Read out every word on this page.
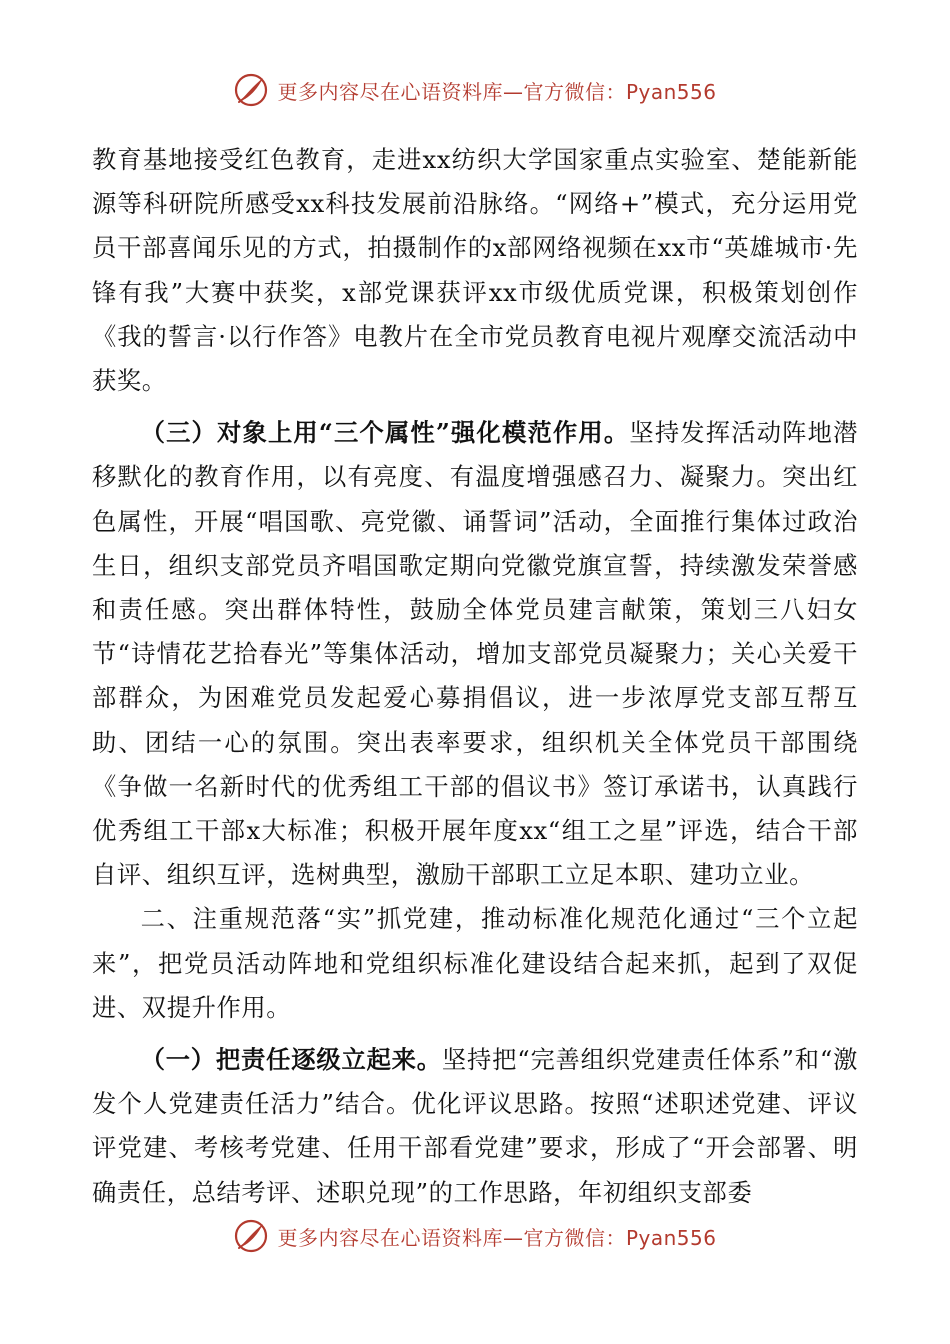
更多内容尽在心语资料库—官方微信：Pyan556

教育基地接受红色教育，走进xx纺织大学国家重点实验室、楚能新能源等科研院所感受xx科技发展前沿脉络。“网络+”模式，充分运用党员干部喜闻乐见的方式，拍摄制作的x部网络视频在xx市“英雄城市·先锋有我”大赛中获奖，x部党课获评xx市级优质党课，积极策划创作《我的誓言·以行作答》电教片在全市党员教育电视片观摩交流活动中获奖。

（三）对象上用“三个属性”强化模范作用。坚持发挥活动阵地潜移默化的教育作用，以有亮度、有温度增强感召力、凝聚力。突出红色属性，开展“唱国歌、亮党徽、诵誓词”活动，全面推行集体过政治生日，组织支部党员齐唱国歌定期向党徽党旗宣誓，持续激发荣誉感和责任感。突出群体特性，鼓励全体党员建言献策，策划三八妇女节“诗情花艺拾春光”等集体活动，增加支部党员凝聚力；关心关爱干部群众，为困难党员发起爱心募捐倡议，进一步浓厚党支部互帮互助、团结一心的氛围。突出表率要求，组织机关全体党员干部围绕《争做一名新时代的优秀组工干部的倡议书》签订承诺书，认真践行优秀组工干部x大标准；积极开展年度xx“组工之星”评选，结合干部自评、组织互评，选树典型，激励干部职工立足本职、建功立业。

二、注重规范落“实”抓党建，推动标准化规范化通过“三个立起来”，把党员活动阵地和党组织标准化建设结合起来抓，起到了双促进、双提升作用。

（一）把责任逐级立起来。坚持把“完善组织党建责任体系”和“激发个人党建责任活力”结合。优化评议思路。按照“述职述党建、评议评党建、考核考党建、任用干部看党建”要求，形成了“开会部署、明确责任，总结考评、述职兑现”的工作思路，年初组织支部委

更多内容尽在心语资料库—官方微信：Pyan556
